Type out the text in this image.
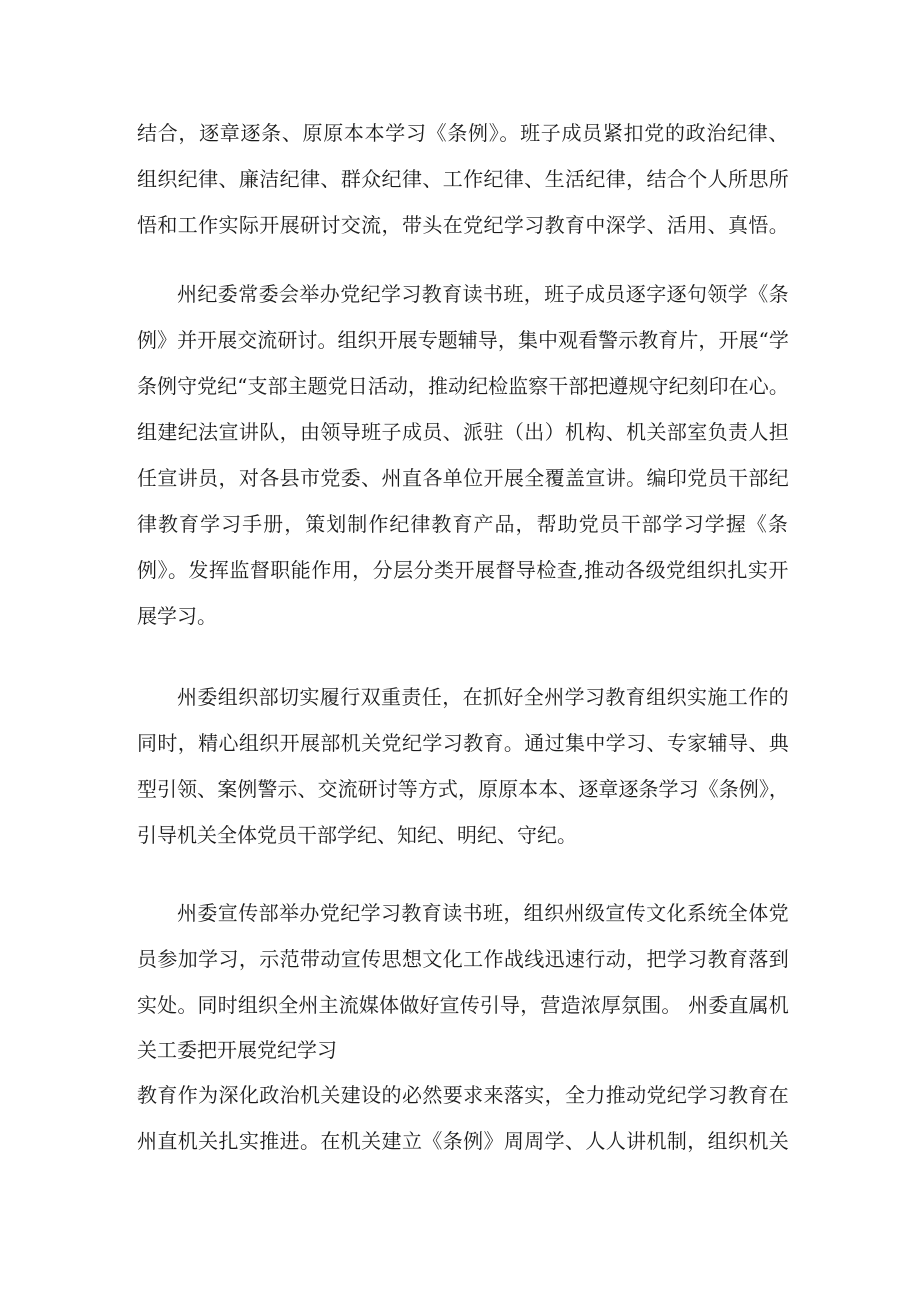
结合，逐章逐条、原原本本学习《条例》。班子成员紧扣党的政治纪律、
组织纪律、廉洁纪律、群众纪律、工作纪律、生活纪律，结合个人所思所
悟和工作实际开展研讨交流，带头在党纪学习教育中深学、活用、真悟。
州纪委常委会举办党纪学习教育读书班，班子成员逐字逐句领学《条
例》并开展交流研讨。组织开展专题辅导，集中观看警示教育片，开展“学
条例守党纪“支部主题党日活动，推动纪检监察干部把遵规守纪刻印在心。
组建纪法宣讲队，由领导班子成员、派驻（出）机构、机关部室负责人担
任宣讲员，对各县市党委、州直各单位开展全覆盖宣讲。编印党员干部纪
律教育学习手册，策划制作纪律教育产品，帮助党员干部学习学握《条
例》。发挥监督职能作用，分层分类开展督导检查,推动各级党组织扎实开
展学习。
州委组织部切实履行双重责任，在抓好全州学习教育组织实施工作的
同时，精心组织开展部机关党纪学习教育。通过集中学习、专家辅导、典
型引领、案例警示、交流研讨等方式，原原本本、逐章逐条学习《条例》，
引导机关全体党员干部学纪、知纪、明纪、守纪。
州委宣传部举办党纪学习教育读书班，组织州级宣传文化系统全体党
员参加学习，示范带动宣传思想文化工作战线迅速行动，把学习教育落到
实处。同时组织全州主流媒体做好宣传引导，营造浓厚氛围。 州委直属机
关工委把开展党纪学习
教育作为深化政治机关建设的必然要求来落实，全力推动党纪学习教育在
州直机关扎实推进。在机关建立《条例》周周学、人人讲机制，组织机关
